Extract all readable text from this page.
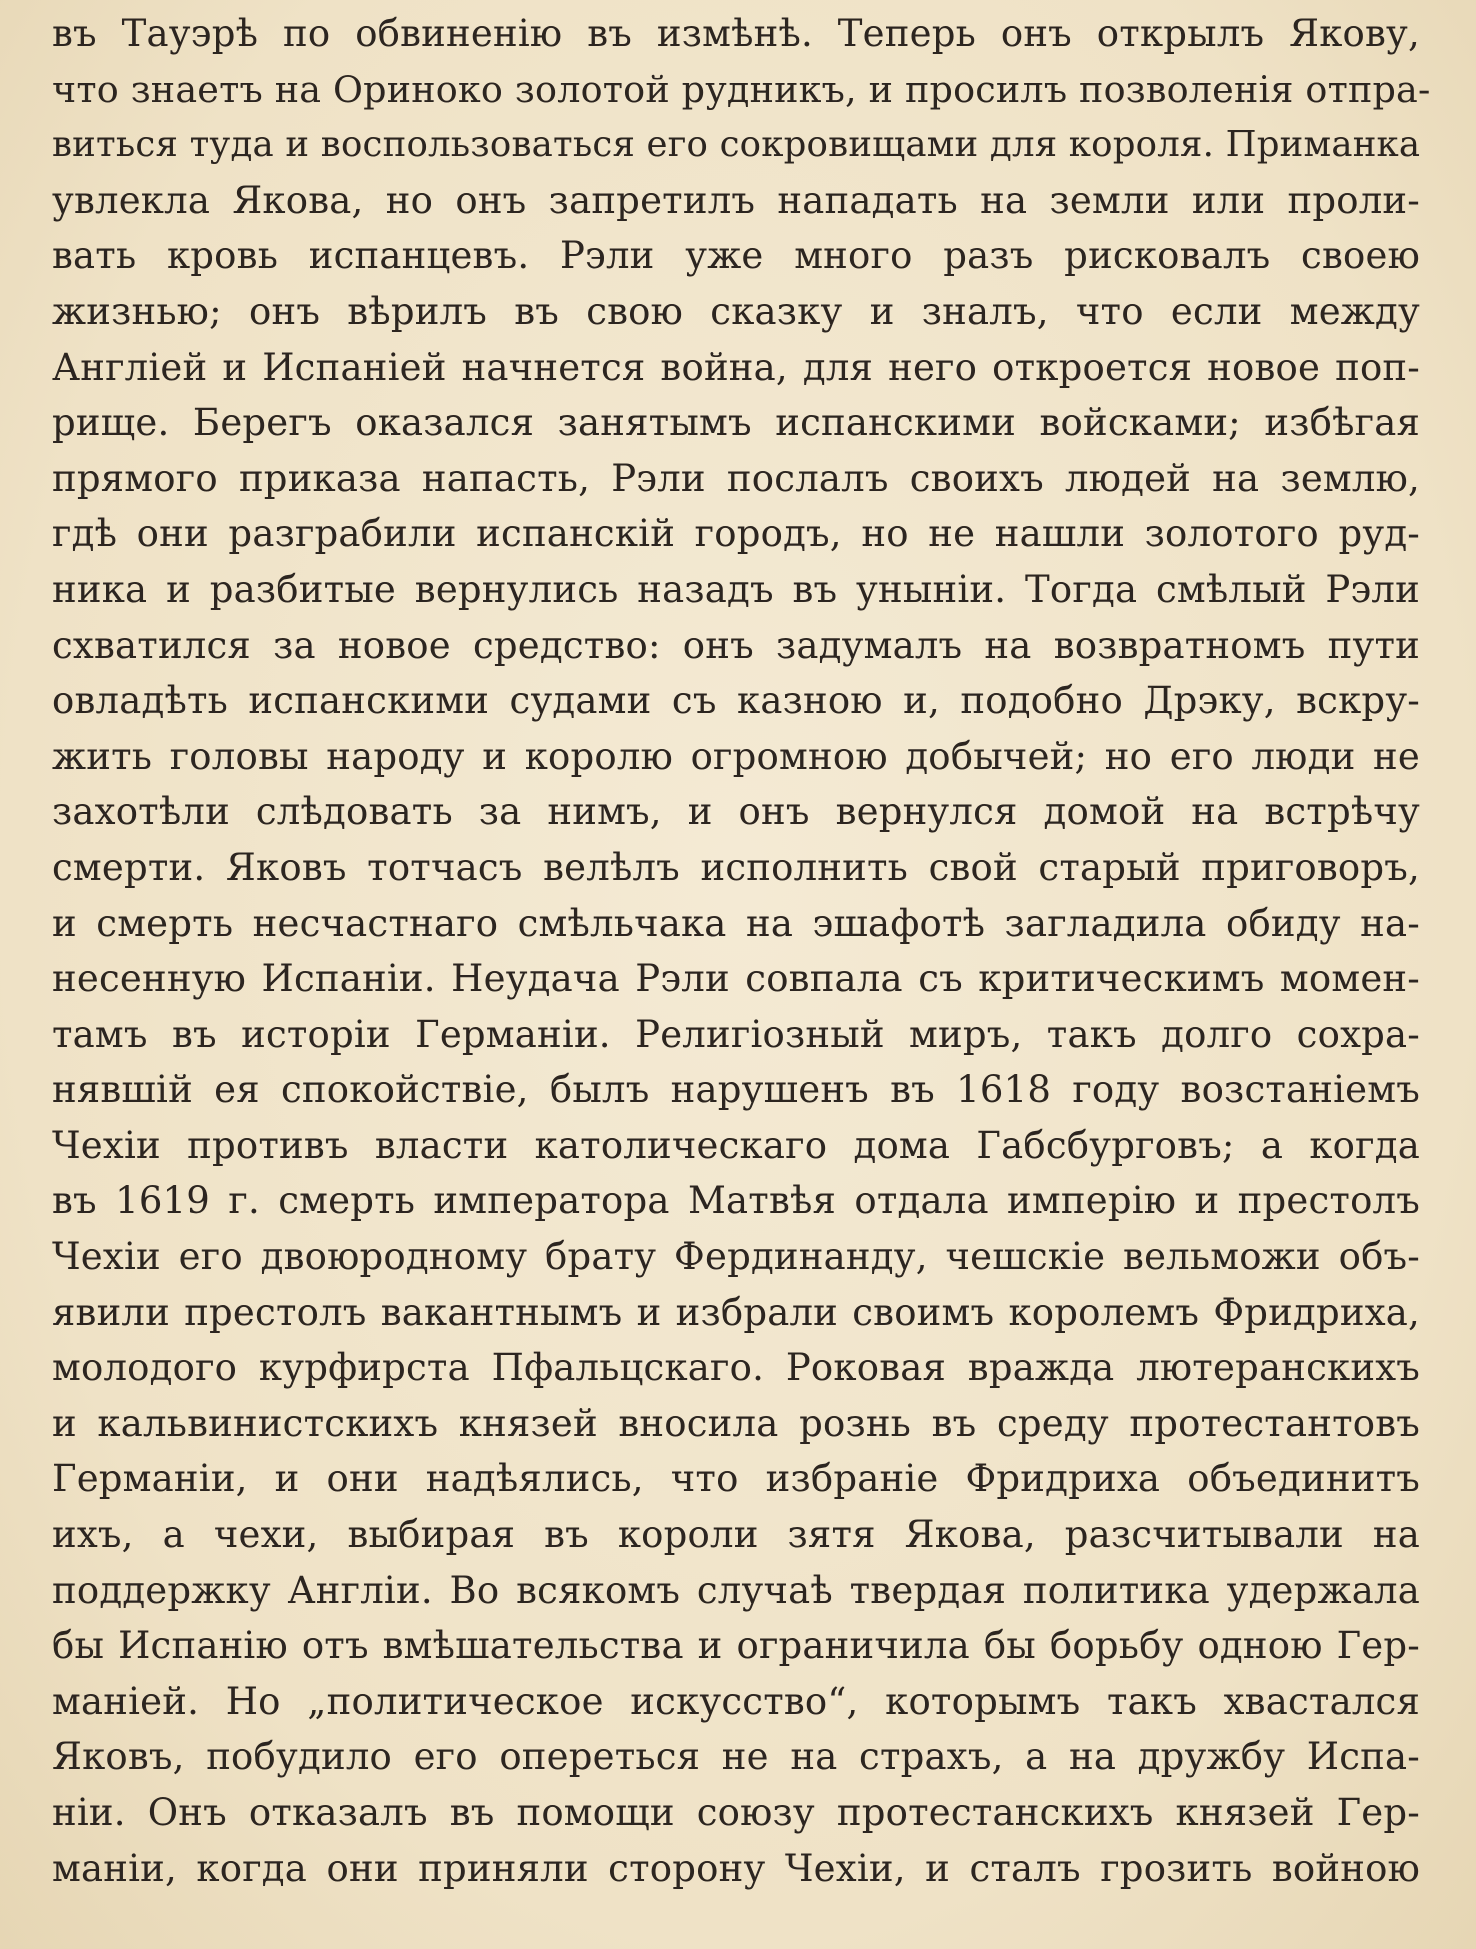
въ Тауэрѣ по обвиненію въ измѣнѣ. Теперь онъ открылъ Якову,
что знаетъ на Ориноко золотой рудникъ, и просилъ позволенія отпра-
виться туда и воспользоваться его сокровищами для короля. Приманка
увлекла Якова, но онъ запретилъ нападать на земли или проли-
вать кровь испанцевъ. Рэли уже много разъ рисковалъ своею
жизнью; онъ вѣрилъ въ свою сказку и зналъ, что если между
Англіей и Испаніей начнется война, для него откроется новое поп-
рище. Берегъ оказался занятымъ испанскими войсками; избѣгая
прямого приказа напасть, Рэли послалъ своихъ людей на землю,
гдѣ они разграбили испанскій городъ, но не нашли золотого руд-
ника и разбитые вернулись назадъ въ уныніи. Тогда смѣлый Рэли
схватился за новое средство: онъ задумалъ на возвратномъ пути
овладѣть испанскими судами съ казною и, подобно Дрэку, вскру-
жить головы народу и королю огромною добычей; но его люди не
захотѣли слѣдовать за нимъ, и онъ вернулся домой на встрѣчу
смерти. Яковъ тотчасъ велѣлъ исполнить свой старый приговоръ,
и смерть несчастнаго смѣльчака на эшафотѣ загладила обиду на-
несенную Испаніи. Неудача Рэли совпала съ критическимъ момен-
тамъ въ исторіи Германіи. Религіозный миръ, такъ долго сохра-
нявшій ея спокойствіе, былъ нарушенъ въ 1618 году возстаніемъ
Чехіи противъ власти католическаго дома Габсбурговъ; а когда
въ 1619 г. смерть императора Матвѣя отдала имперію и престолъ
Чехіи его двоюродному брату Фердинанду, чешскіе вельможи объ-
явили престолъ вакантнымъ и избрали своимъ королемъ Фридриха,
молодого курфирста Пфальцскаго. Роковая вражда лютеранскихъ
и кальвинистскихъ князей вносила рознь въ среду протестантовъ
Германіи, и они надѣялись, что избраніе Фридриха объединитъ
ихъ, а чехи, выбирая въ короли зятя Якова, разсчитывали на
поддержку Англіи. Во всякомъ случаѣ твердая политика удержала
бы Испанію отъ вмѣшательства и ограничила бы борьбу одною Гер-
маніей. Но „политическое искусство“, которымъ такъ хвастался
Яковъ, побудило его опереться не на страхъ, а на дружбу Испа-
ніи. Онъ отказалъ въ помощи союзу протестанскихъ князей Гер-
маніи, когда они приняли сторону Чехіи, и сталъ грозить войною
